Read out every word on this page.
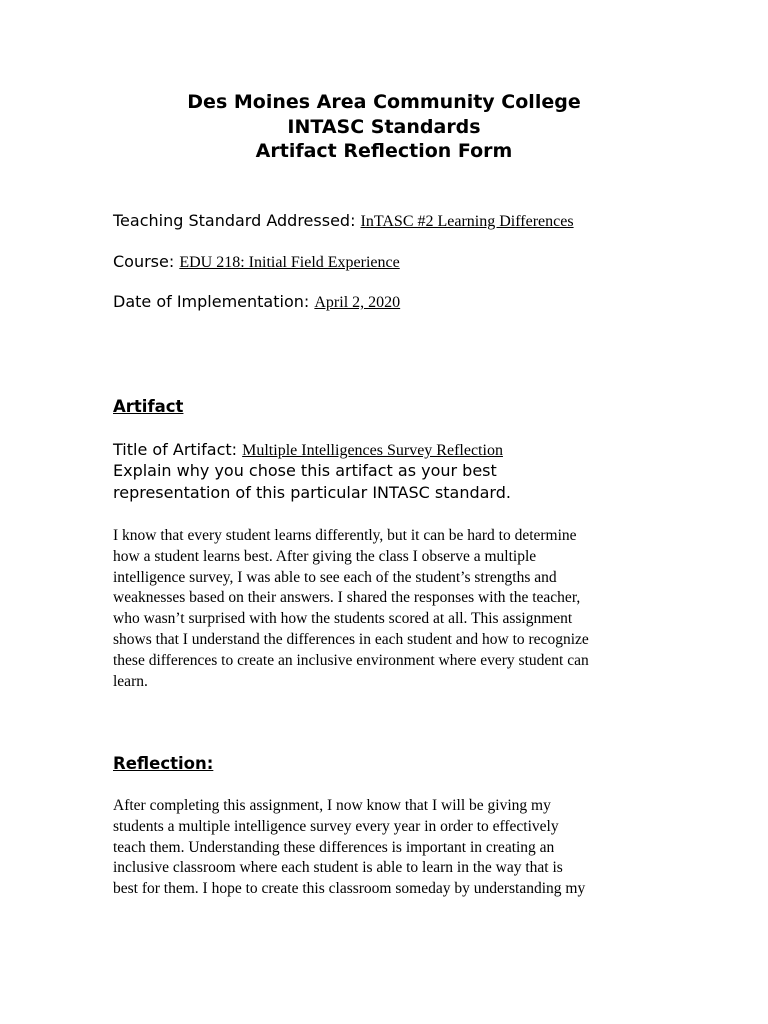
Des Moines Area Community College
INTASC Standards
Artifact Reflection Form
Teaching Standard Addressed: InTASC #2 Learning Differences
Course: EDU 218: Initial Field Experience
Date of Implementation: April 2, 2020
Artifact
Title of Artifact: Multiple Intelligences Survey Reflection
Explain why you chose this artifact as your best
representation of this particular INTASC standard.
I know that every student learns differently, but it can be hard to determine
how a student learns best. After giving the class I observe a multiple
intelligence survey, I was able to see each of the student’s strengths and
weaknesses based on their answers. I shared the responses with the teacher,
who wasn’t surprised with how the students scored at all. This assignment
shows that I understand the differences in each student and how to recognize
these differences to create an inclusive environment where every student can
learn.
Reflection:
After completing this assignment, I now know that I will be giving my
students a multiple intelligence survey every year in order to effectively
teach them. Understanding these differences is important in creating an
inclusive classroom where each student is able to learn in the way that is
best for them. I hope to create this classroom someday by understanding my
